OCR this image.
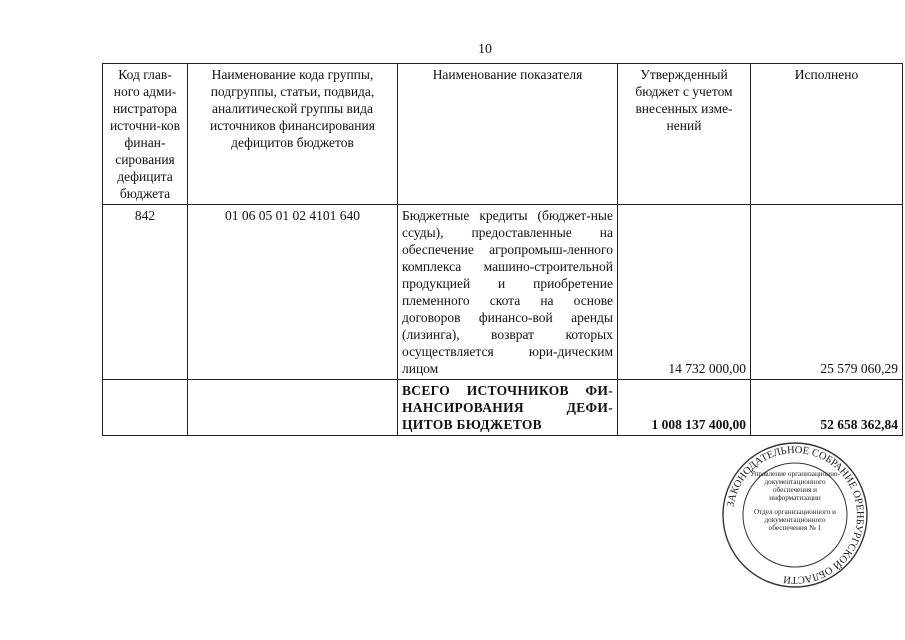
10
Код глав-ного адми-нистратора источни-ков финан-сирования дефицита бюджета	Наименование кода группы, подгруппы, статьи, подвида, аналитической группы вида источников финансирования дефицитов бюджетов	Наименование показателя	Утвержденный бюджет с учетом внесенных изме-нений	Исполнено
842	01 06 05 01 02 4101 640	Бюджетные кредиты (бюджет-ные ссуды), предоставленные на обеспечение агропромыш-ленного комплекса машино-строительной продукцией и приобретение племенного скота на основе договоров финансо-вой аренды (лизинга), возврат которых осуществляется юри-дическим лицом	14 732 000,00	25 579 060,29
		ВСЕГО ИСТОЧНИКОВ ФИ-НАНСИРОВАНИЯ ДЕФИ-ЦИТОВ БЮДЖЕТОВ	1 008 137 400,00	52 658 362,84
ЗАКОНОДАТЕЛЬНОЕ СОБРАНИЕ ОРЕНБУРГСКОЙ ОБЛАСТИ
Управление организационно-документационного обеспечения и информатизации
Отдел организационного и документационного обеспечения № 1
